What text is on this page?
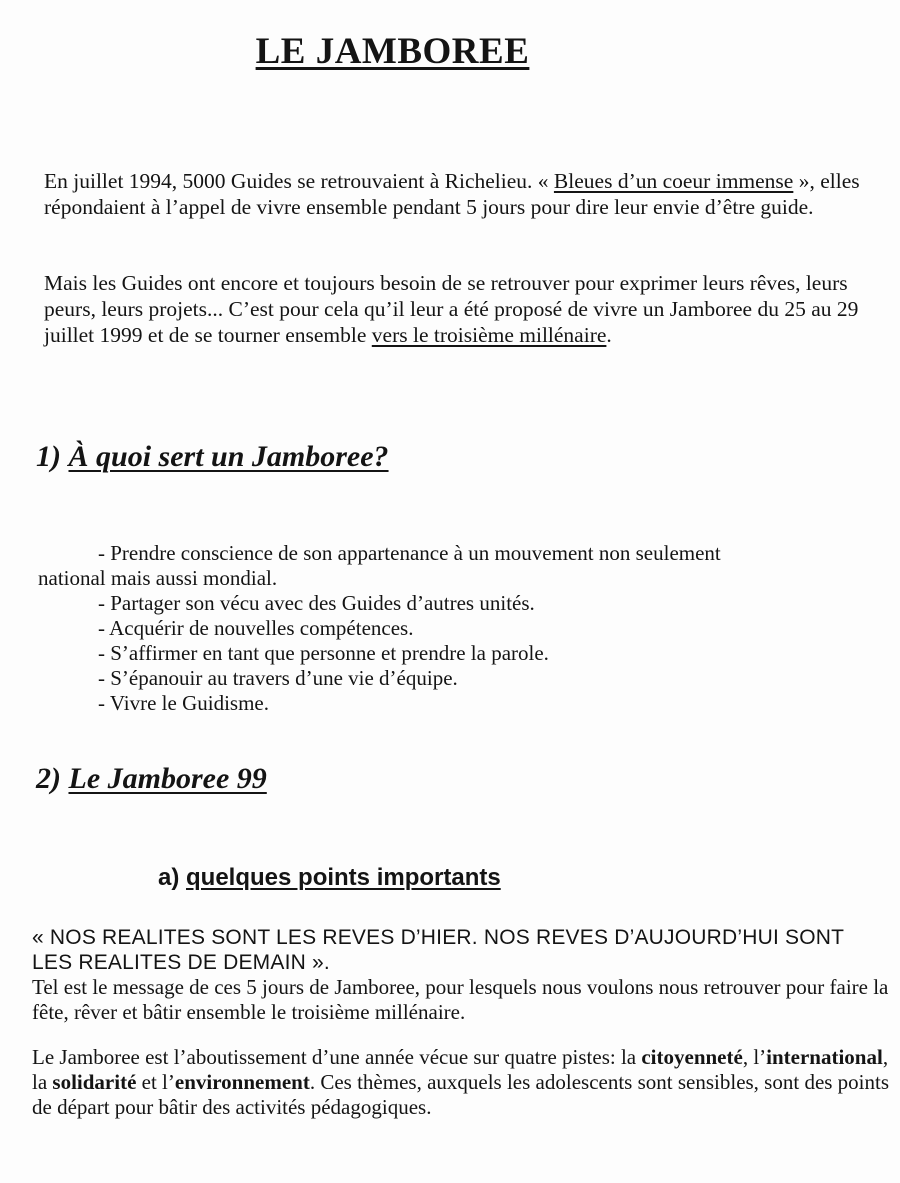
LE JAMBOREE

En juillet 1994, 5000 Guides se retrouvaient à Richelieu. « Bleues d’un coeur immense », elles répondaient à l’appel de vivre ensemble pendant 5 jours pour dire leur envie d’être guide.

Mais les Guides ont encore et toujours besoin de se retrouver pour exprimer leurs rêves, leurs peurs, leurs projets... C’est pour cela qu’il leur a été proposé de vivre un Jamboree du 25 au 29 juillet 1999 et de se tourner ensemble vers le troisième millénaire.

1) À quoi sert un Jamboree?
- Prendre conscience de son appartenance à un mouvement non seulement
national mais aussi mondial.
- Partager son vécu avec des Guides d’autres unités.
- Acquérir de nouvelles compétences.
- S’affirmer en tant que personne et prendre la parole.
- S’épanouir au travers d’une vie d’équipe.
- Vivre le Guidisme.
2) Le Jamboree 99
a) quelques points importants

« NOS REALITES SONT LES REVES D’HIER. NOS REVES D’AUJOURD’HUI SONT LES REALITES DE DEMAIN ».

Tel est le message de ces 5 jours de Jamboree, pour lesquels nous voulons nous retrouver pour faire la fête, rêver et bâtir ensemble le troisième millénaire.

Le Jamboree est l’aboutissement d’une année vécue sur quatre pistes: la citoyenneté, l’international, la solidarité et l’environnement. Ces thèmes, auxquels les adolescents sont sensibles, sont des points de départ pour bâtir des activités pédagogiques.
